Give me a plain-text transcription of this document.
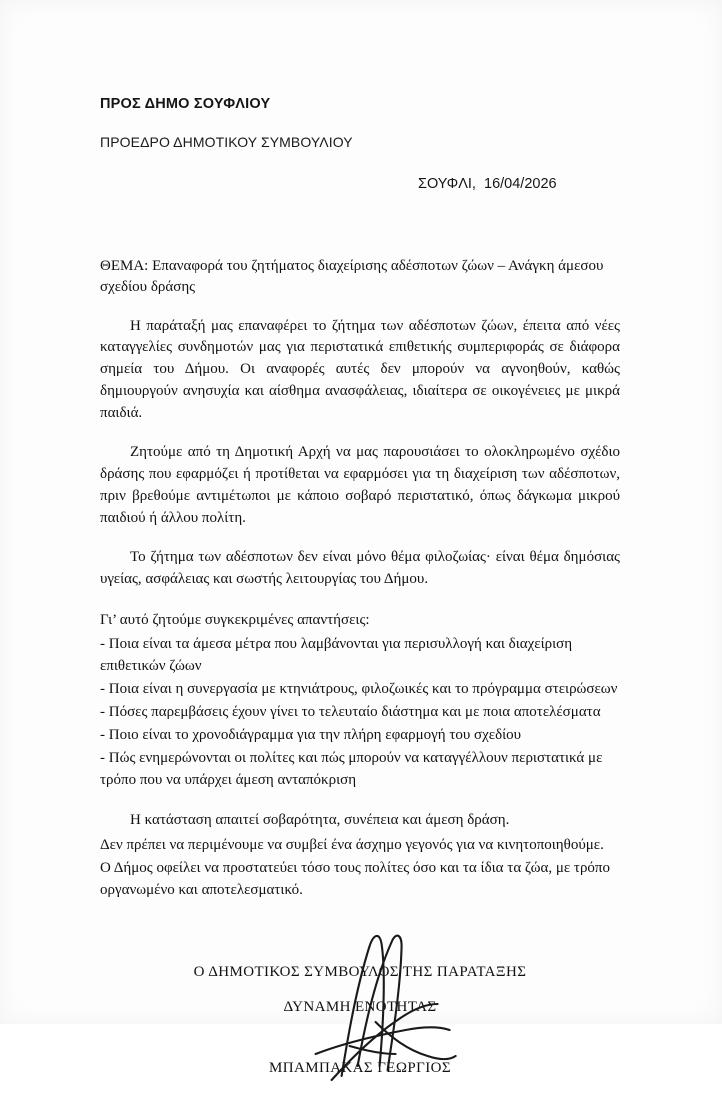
ΠΡΟΣ ΔΗΜΟ ΣΟΥΦΛΙΟΥ

ΠΡΟΕΔΡΟ ΔΗΜΟΤΙΚΟΥ ΣΥΜΒΟΥΛΙΟΥ

ΣΟΥΦΛΙ,  16/04/2026

ΘΕΜΑ: Επαναφορά του ζητήματος διαχείρισης αδέσποτων ζώων – Ανάγκη άμεσου σχεδίου δράσης

Η παράταξή μας επαναφέρει το ζήτημα των αδέσποτων ζώων, έπειτα από νέες καταγγελίες συνδημοτών μας για περιστατικά επιθετικής συμπεριφοράς σε διάφορα σημεία του Δήμου. Οι αναφορές αυτές δεν μπορούν να αγνοηθούν, καθώς δημιουργούν ανησυχία και αίσθημα ανασφάλειας, ιδιαίτερα σε οικογένειες με μικρά παιδιά.

Ζητούμε από τη Δημοτική Αρχή να μας παρουσιάσει το ολοκληρωμένο σχέδιο δράσης που εφαρμόζει ή προτίθεται να εφαρμόσει για τη διαχείριση των αδέσποτων, πριν βρεθούμε αντιμέτωποι με κάποιο σοβαρό περιστατικό, όπως δάγκωμα μικρού παιδιού ή άλλου πολίτη.

Το ζήτημα των αδέσποτων δεν είναι μόνο θέμα φιλοζωίας· είναι θέμα δημόσιας υγείας, ασφάλειας και σωστής λειτουργίας του Δήμου.

Γι’ αυτό ζητούμε συγκεκριμένες απαντήσεις:

- Ποια είναι τα άμεσα μέτρα που λαμβάνονται για περισυλλογή και διαχείριση επιθετικών ζώων
- Ποια είναι η συνεργασία με κτηνιάτρους, φιλοζωικές και το πρόγραμμα στειρώσεων
- Πόσες παρεμβάσεις έχουν γίνει το τελευταίο διάστημα και με ποια αποτελέσματα
- Ποιο είναι το χρονοδιάγραμμα για την πλήρη εφαρμογή του σχεδίου
- Πώς ενημερώνονται οι πολίτες και πώς μπορούν να καταγγέλλουν περιστατικά με τρόπο που να υπάρχει άμεση ανταπόκριση

Η κατάσταση απαιτεί σοβαρότητα, συνέπεια και άμεση δράση.

Δεν πρέπει να περιμένουμε να συμβεί ένα άσχημο γεγονός για να κινητοποιηθούμε.

Ο Δήμος οφείλει να προστατεύει τόσο τους πολίτες όσο και τα ίδια τα ζώα, με τρόπο οργανωμένο και αποτελεσματικό.

Ο ΔΗΜΟΤΙΚΟΣ ΣΥΜΒΟΥΛΟΣ ΤΗΣ ΠΑΡΑΤΑΞΗΣ

ΔΥΝΑΜΗ ΕΝΟΤΗΤΑΣ

ΜΠΑΜΠΑΚΑΣ ΓΕΩΡΓΙΟΣ
